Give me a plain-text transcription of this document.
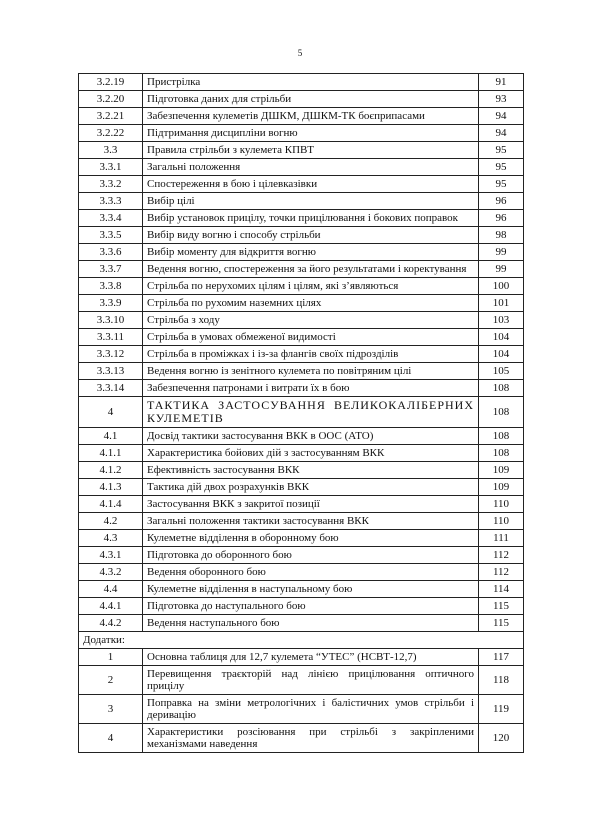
5
3.2.19	Пристрілка	91
3.2.20	Підготовка даних для стрільби	93
3.2.21	Забезпечення кулеметів ДШКМ, ДШКМ-ТК боєприпасами	94
3.2.22	Підтримання дисципліни вогню	94
3.3	Правила стрільби з кулемета КПВТ	95
3.3.1	Загальні положення	95
3.3.2	Спостереження в бою і цілевказівки	95
3.3.3	Вибір цілі	96
3.3.4	Вибір установок прицілу, точки прицілювання і бокових поправок	96
3.3.5	Вибір виду вогню і способу стрільби	98
3.3.6	Вибір моменту для відкриття вогню	99
3.3.7	Ведення вогню, спостереження за його результатами і коректування	99
3.3.8	Стрільба по нерухомих цілям і цілям, які з’являються	100
3.3.9	Стрільба по рухомим наземних цілях	101
3.3.10	Стрільба з ходу	103
3.3.11	Стрільба в умовах обмеженої видимості	104
3.3.12	Стрільба в проміжках і із-за флангів своїх підрозділів	104
3.3.13	Ведення вогню із зенітного кулемета по повітряним цілі	105
3.3.14	Забезпечення патронами і витрати їх в бою	108
4	ТАКТИКА ЗАСТОСУВАННЯ ВЕЛИКОКАЛІБЕРНИХ КУЛЕМЕТІВ	108
4.1	Досвід тактики застосування ВКК в ООС (АТО)	108
4.1.1	Характеристика бойових дій з застосуванням ВКК	108
4.1.2	Ефективність застосування ВКК	109
4.1.3	Тактика дій двох розрахунків ВКК	109
4.1.4	Застосування ВКК з закритої позиції	110
4.2	Загальні положення тактики застосування ВКК	110
4.3	Кулеметне відділення в оборонному бою	111
4.3.1	Підготовка до оборонного бою	112
4.3.2	Ведення оборонного бою	112
4.4	Кулеметне відділення в наступальному бою	114
4.4.1	Підготовка до наступального бою	115
4.4.2	Ведення наступального бою	115
Додатки:		
1	Основна таблиця для 12,7 кулемета “УТЕС” (НСВТ-12,7)	117
2	Перевищення траєкторій над лінією прицілювання оптичного прицілу	118
3	Поправка на зміни метрологічних і балістичних умов стрільби і деривацію	119
4	Характеристики розсіювання при стрільбі з закріпленими механізмами наведення	120
